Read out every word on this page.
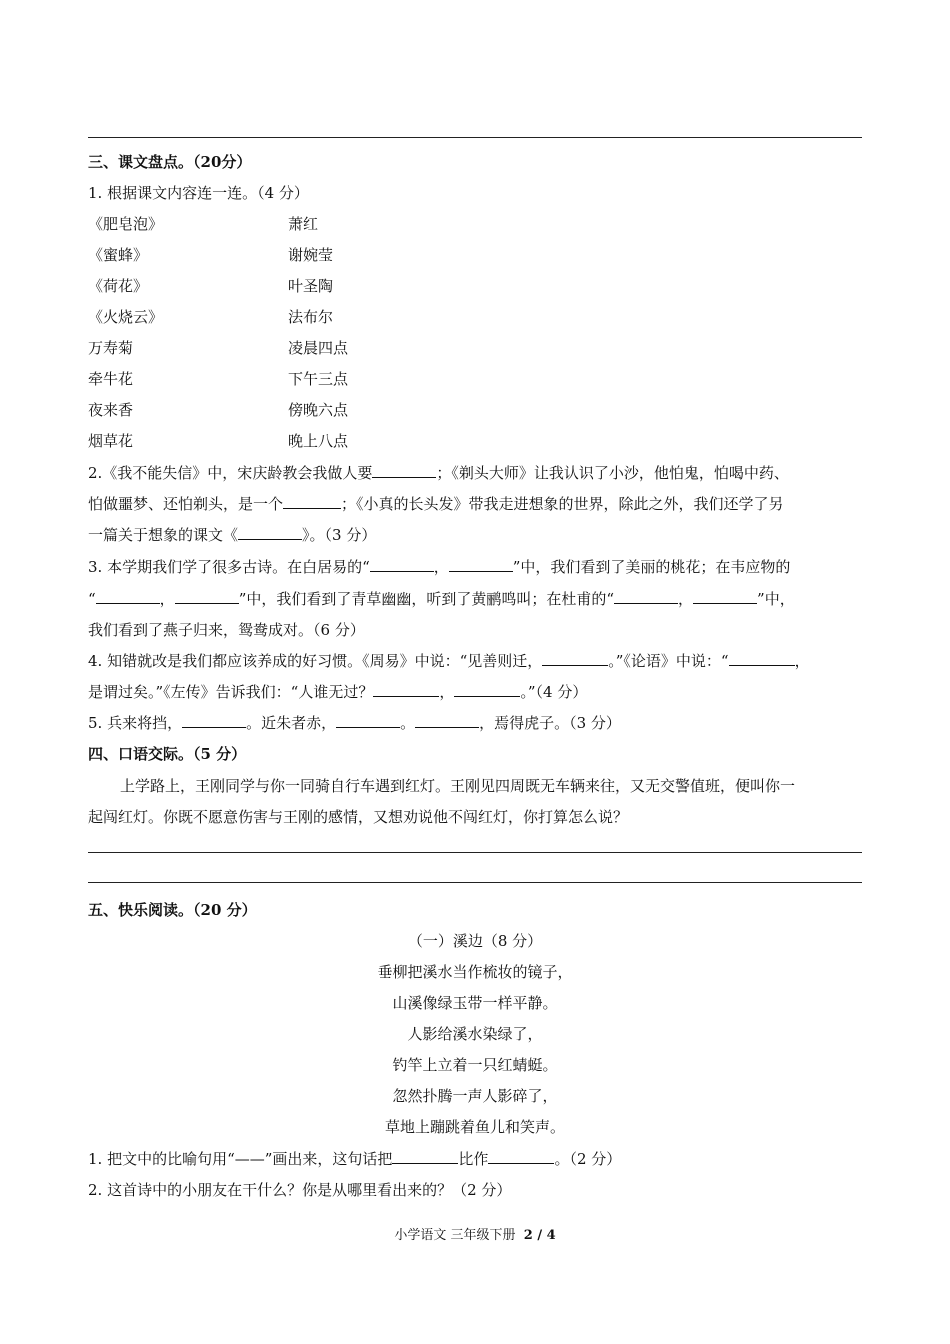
三、课文盘点。（20分）
1. 根据课文内容连一连。（4 分）
《肥皂泡》	萧红
《蜜蜂》	谢婉莹
《荷花》	叶圣陶
《火烧云》	法布尔
万寿菊	凌晨四点
牵牛花	下午三点
夜来香	傍晚六点
烟草花	晚上八点
2.《我不能失信》中，宋庆龄教会我做人要	；《剃头大师》让我认识了小沙，他怕鬼，怕喝中药、
怕做噩梦、还怕剃头，是一个	；《小真的长头发》带我走进想象的世界，除此之外，我们还学了另
一篇关于想象的课文《	》。（3 分）
3. 本学期我们学了很多古诗。在白居易的“	，	”中，我们看到了美丽的桃花；在韦应物的
“	，	”中，我们看到了青草幽幽，听到了黄鹂鸣叫；在杜甫的“	，	”中，
我们看到了燕子归来，鸳鸯成对。（6 分）
4. 知错就改是我们都应该养成的好习惯。《周易》中说：“见善则迁，	。”《论语》中说：“	，
是谓过矣。”《左传》告诉我们：“人谁无过？	，	。”（4 分）
5. 兵来将挡，	。近朱者赤，	。	，焉得虎子。（3 分）
四、口语交际。（5 分）
上学路上，王刚同学与你一同骑自行车遇到红灯。王刚见四周既无车辆来往，又无交警值班，便叫你一
起闯红灯。你既不愿意伤害与王刚的感情，又想劝说他不闯红灯，你打算怎么说？
五、快乐阅读。（20 分）
（一）溪边（8 分）
垂柳把溪水当作梳妆的镜子，
山溪像绿玉带一样平静。
人影给溪水染绿了，
钓竿上立着一只红蜻蜓。
忽然扑腾一声人影碎了，
草地上蹦跳着鱼儿和笑声。
1. 把文中的比喻句用“——”画出来，这句话把	比作	。（2 分）
2. 这首诗中的小朋友在干什么？你是从哪里看出来的？（2 分）
小学语文 三年级下册 2 / 4
